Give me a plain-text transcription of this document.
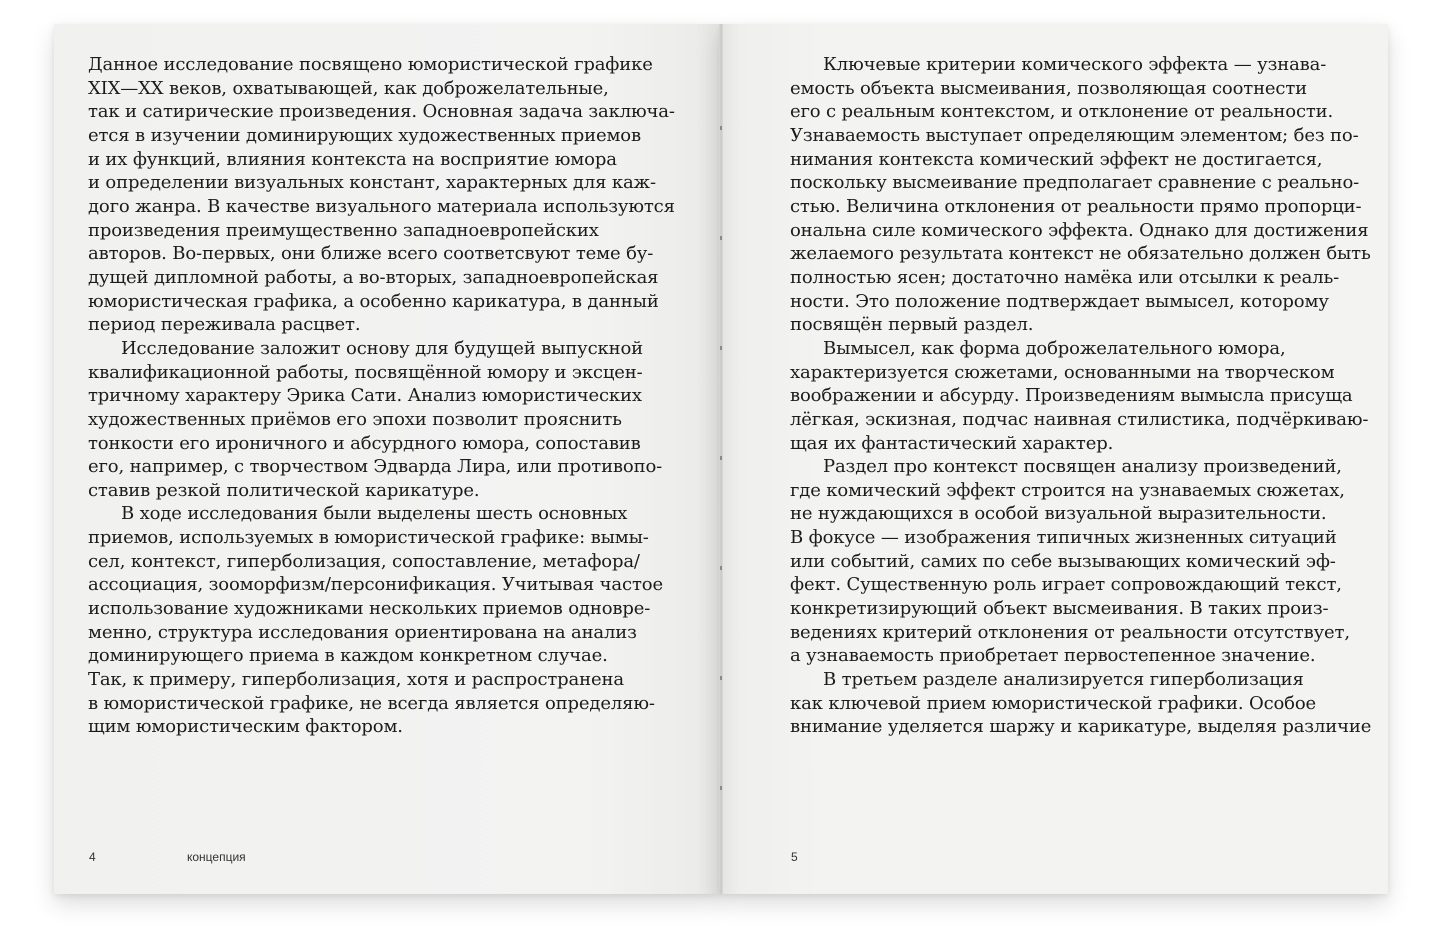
Данное исследование посвящено юмористической графике
XIX—XX веков, охватывающей, как доброжелательные,
так и сатирические произведения. Основная задача заключа-
ется в изучении доминирующих художественных приемов
и их функций, влияния контекста на восприятие юмора
и определении визуальных констант, характерных для каж-
дого жанра. В качестве визуального материала используются
произведения преимущественно западноевропейских
авторов. Во-первых, они ближе всего соответсвуют теме бу-
дущей дипломной работы, а во-вторых, западноевропейская
юмористическая графика, а особенно карикатура, в данный
период переживала расцвет.
Исследование заложит основу для будущей выпускной
квалификационной работы, посвящённой юмору и эксцен-
тричному характеру Эрика Сати. Анализ юмористических
художественных приёмов его эпохи позволит прояснить
тонкости его ироничного и абсурдного юмора, сопоставив
его, например, с творчеством Эдварда Лира, или противопо-
ставив резкой политической карикатуре.
В ходе исследования были выделены шесть основных
приемов, используемых в юмористической графике: вымы-
сел, контекст, гиперболизация, сопоставление, метафора/
ассоциация, зооморфизм/персонификация. Учитывая частое
использование художниками нескольких приемов одновре-
менно, структура исследования ориентирована на анализ
доминирующего приема в каждом конкретном случае.
Так, к примеру, гиперболизация, хотя и распространена
в юмористической графике, не всегда является определяю-
щим юмористическим фактором.
4	концепция
Ключевые критерии комического эффекта — узнава-
емость объекта высмеивания, позволяющая соотнести
его с реальным контекстом, и отклонение от реальности.
Узнаваемость выступает определяющим элементом; без по-
нимания контекста комический эффект не достигается,
поскольку высмеивание предполагает сравнение с реально-
стью. Величина отклонения от реальности прямо пропорци-
ональна силе комического эффекта. Однако для достижения
желаемого результата контекст не обязательно должен быть
полностью ясен; достаточно намёка или отсылки к реаль-
ности. Это положение подтверждает вымысел, которому
посвящён первый раздел.
Вымысел, как форма доброжелательного юмора,
характеризуется сюжетами, основанными на творческом
воображении и абсурду. Произведениям вымысла присуща
лёгкая, эскизная, подчас наивная стилистика, подчёркиваю-
щая их фантастический характер.
Раздел про контекст посвящен анализу произведений,
где комический эффект строится на узнаваемых сюжетах,
не нуждающихся в особой визуальной выразительности.
В фокусе — изображения типичных жизненных ситуаций
или событий, самих по себе вызывающих комический эф-
фект. Существенную роль играет сопровождающий текст,
конкретизирующий объект высмеивания. В таких произ-
ведениях критерий отклонения от реальности отсутствует,
а узнаваемость приобретает первостепенное значение.
В третьем разделе анализируется гиперболизация
как ключевой прием юмористической графики. Особое
внимание уделяется шаржу и карикатуре, выделяя различие
5
